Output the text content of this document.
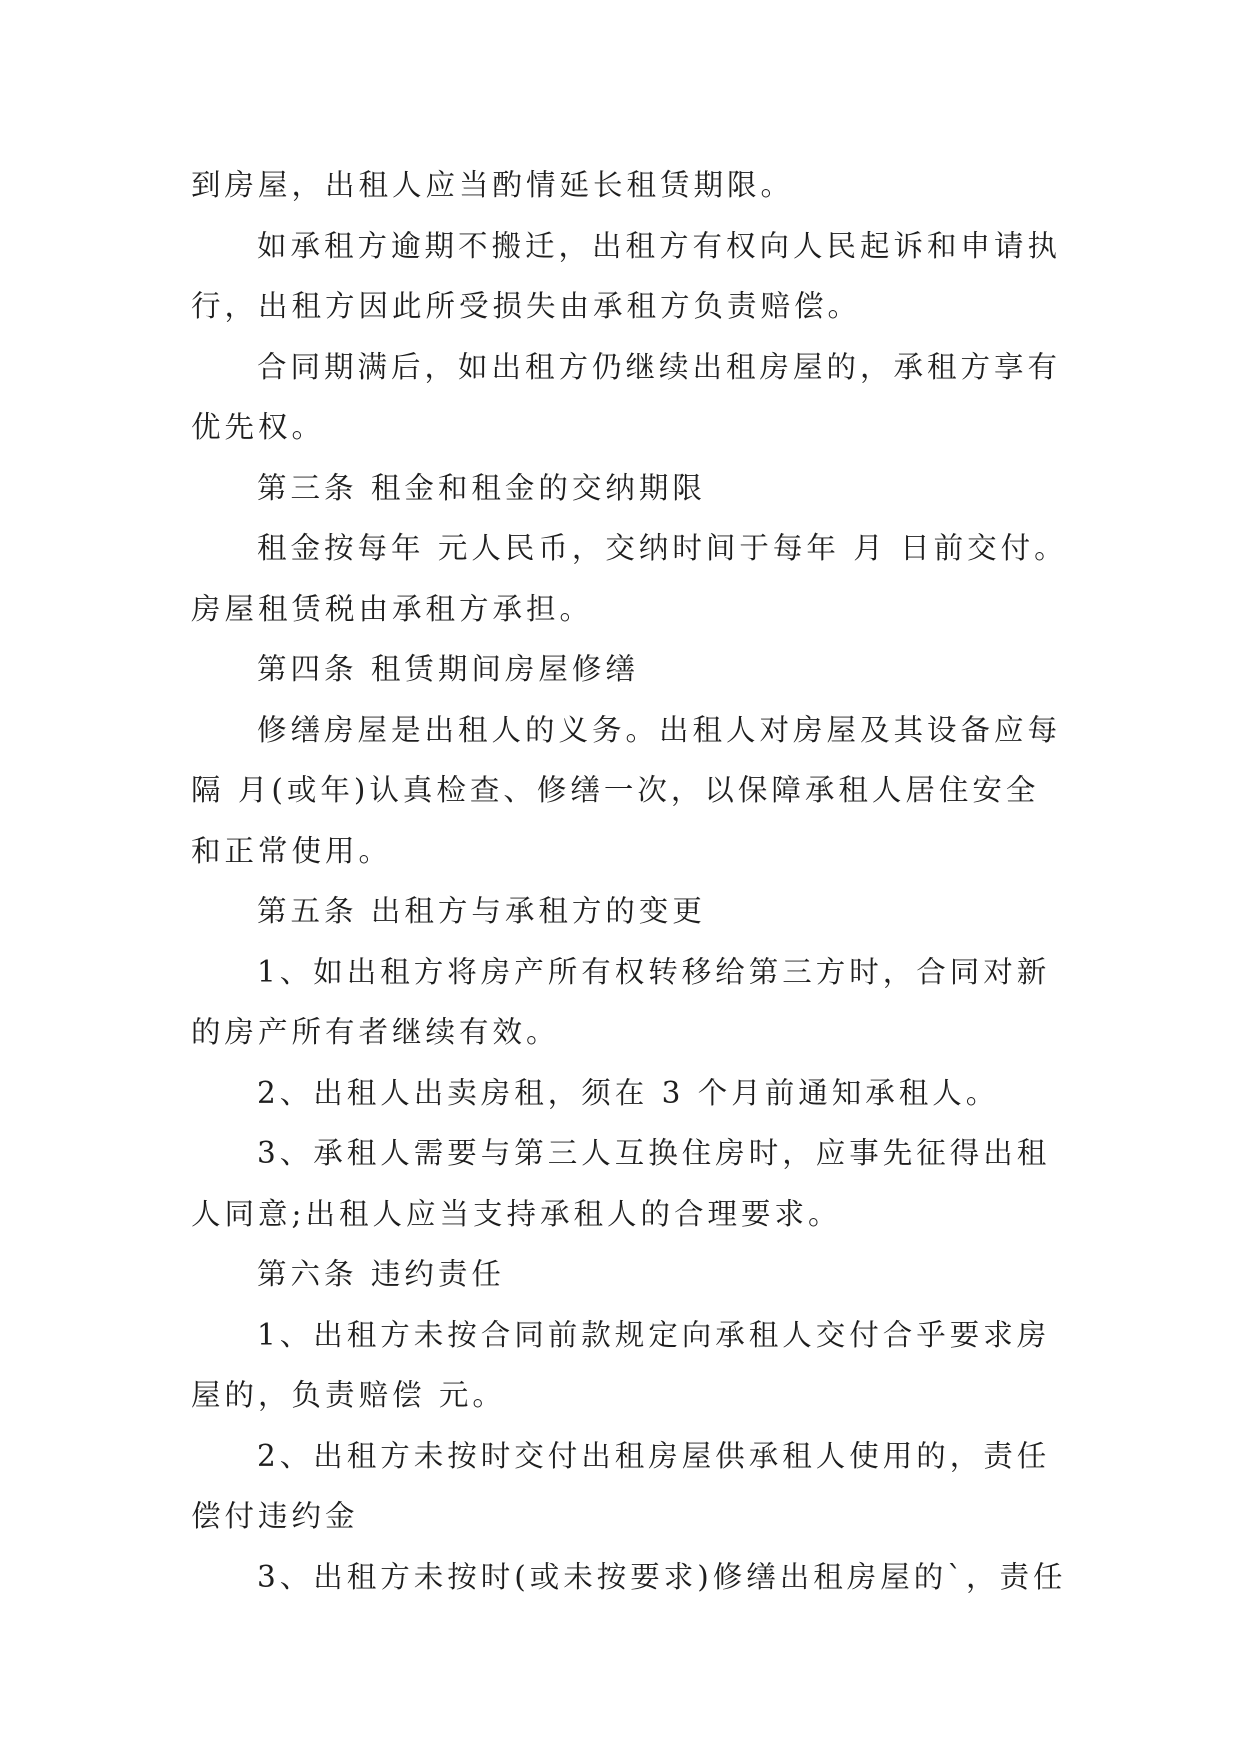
到房屋，出租人应当酌情延长租赁期限。

如承租方逾期不搬迁，出租方有权向人民起诉和申请执
行，出租方因此所受损失由承租方负责赔偿。

合同期满后，如出租方仍继续出租房屋的，承租方享有
优先权。

第三条 租金和租金的交纳期限

租金按每年 元人民币，交纳时间于每年 月 日前交付。
房屋租赁税由承租方承担。

第四条 租赁期间房屋修缮

修缮房屋是出租人的义务。出租人对房屋及其设备应每
隔 月(或年)认真检查、修缮一次，以保障承租人居住安全
和正常使用。

第五条 出租方与承租方的变更

1、如出租方将房产所有权转移给第三方时，合同对新
的房产所有者继续有效。

2、出租人出卖房租，须在 3 个月前通知承租人。

3、承租人需要与第三人互换住房时，应事先征得出租
人同意;出租人应当支持承租人的合理要求。

第六条 违约责任

1、出租方未按合同前款规定向承租人交付合乎要求房
屋的，负责赔偿 元。

2、出租方未按时交付出租房屋供承租人使用的，责任
偿付违约金

3、出租方未按时(或未按要求)修缮出租房屋的`，责任
